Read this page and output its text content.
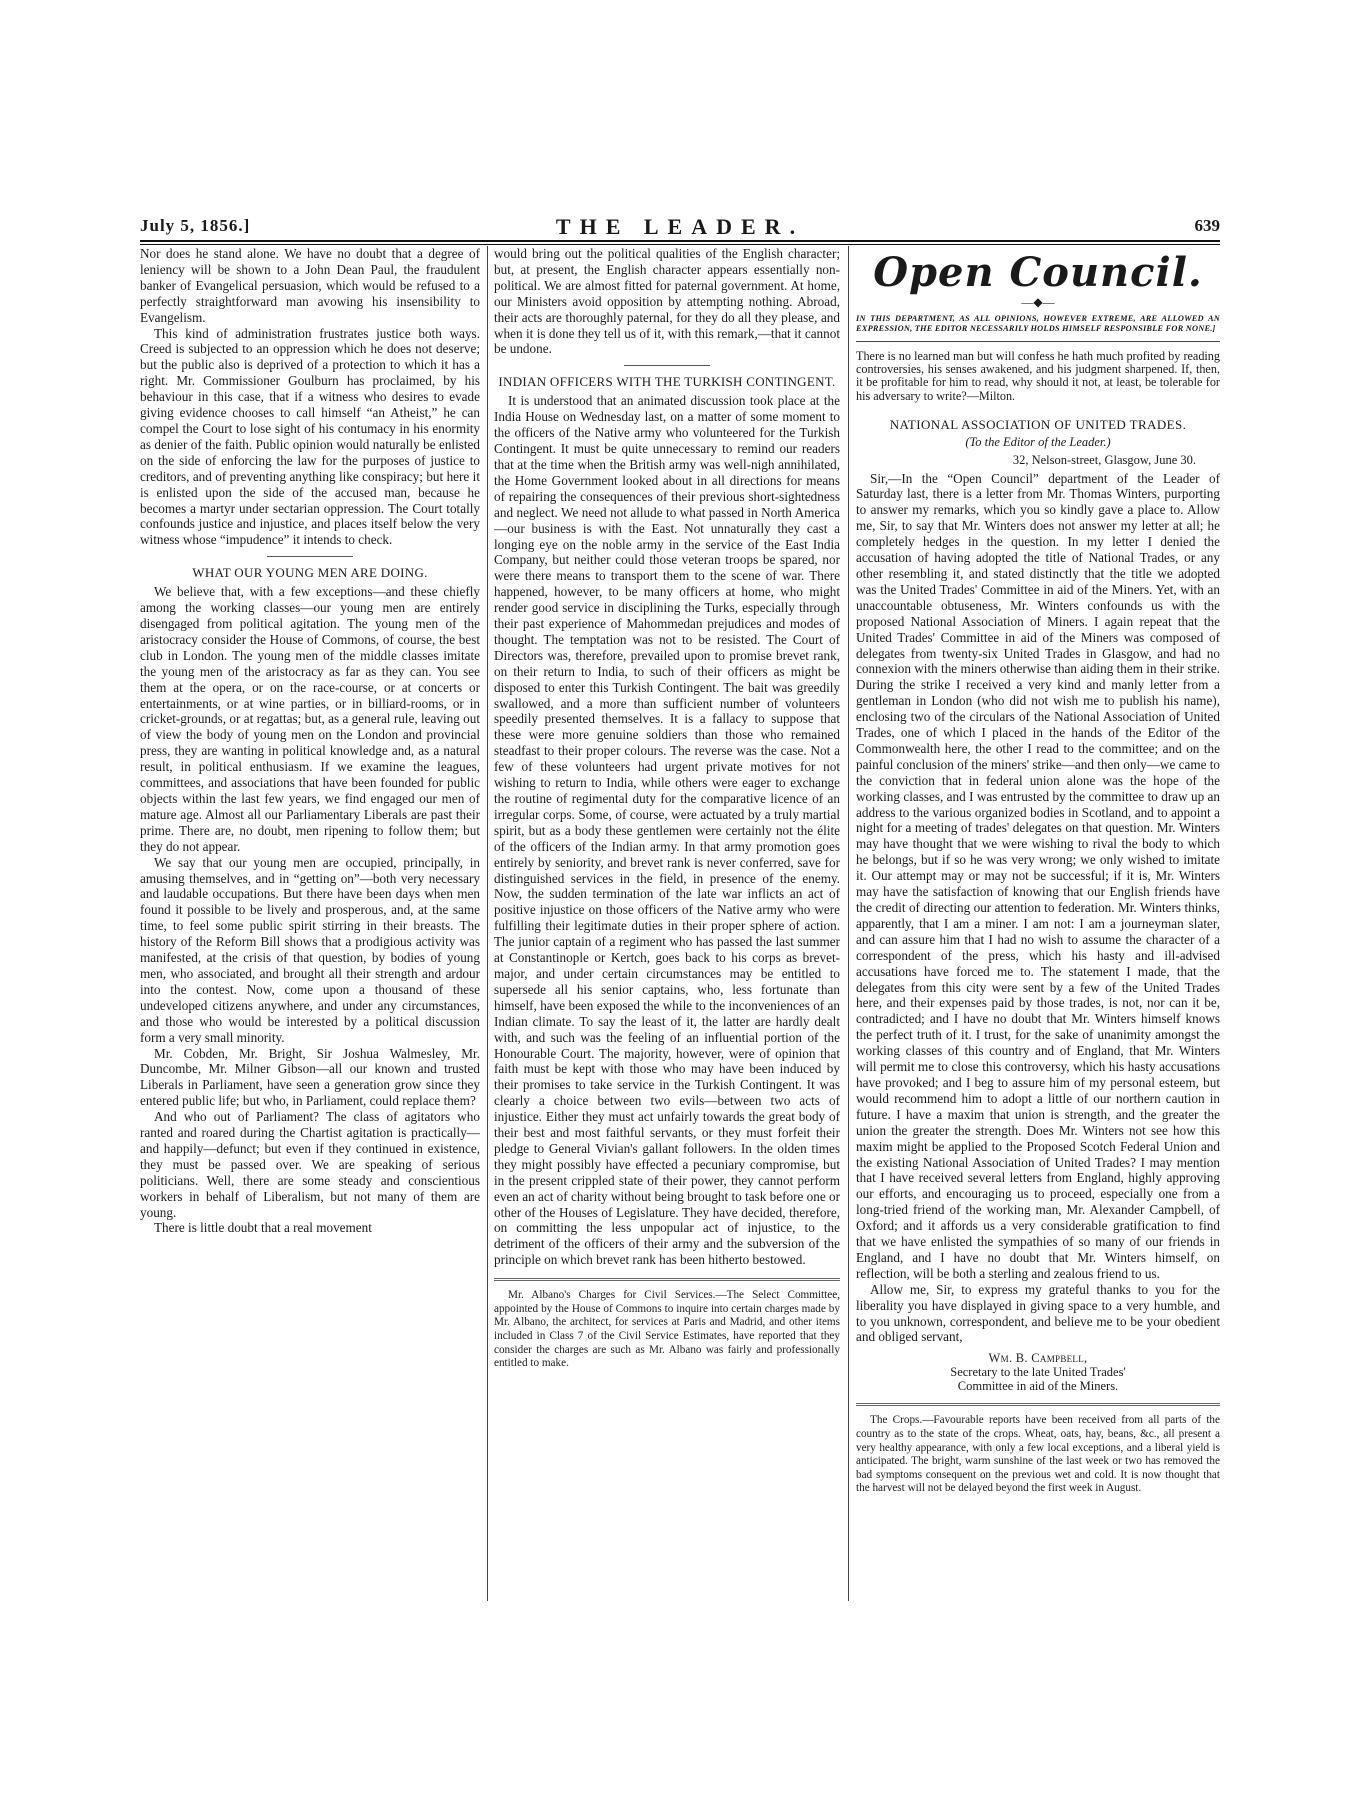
July 5, 1856.]	THE LEADER.	639

Nor does he stand alone. We have no doubt that a degree of leniency will be shown to a John Dean Paul, the fraudulent banker of Evangelical persuasion, which would be refused to a perfectly straightforward man avowing his insensibility to Evangelism.

This kind of administration frustrates justice both ways. Creed is subjected to an oppression which he does not deserve; but the public also is deprived of a protection to which it has a right. Mr. Commissioner Goulburn has proclaimed, by his behaviour in this case, that if a witness who desires to evade giving evidence chooses to call himself “an Atheist,” he can compel the Court to lose sight of his contumacy in his enormity as denier of the faith. Public opinion would naturally be enlisted on the side of enforcing the law for the purposes of justice to creditors, and of preventing anything like conspiracy; but here it is enlisted upon the side of the accused man, because he becomes a martyr under sectarian oppression. The Court totally confounds justice and injustice, and places itself below the very witness whose “impudence” it intends to check.

WHAT OUR YOUNG MEN ARE DOING.

We believe that, with a few exceptions—and these chiefly among the working classes—our young men are entirely disengaged from political agitation. The young men of the aristocracy consider the House of Commons, of course, the best club in London. The young men of the middle classes imitate the young men of the aristocracy as far as they can. You see them at the opera, or on the race-course, or at concerts or entertainments, or at wine parties, or in billiard-rooms, or in cricket-grounds, or at regattas; but, as a general rule, leaving out of view the body of young men on the London and provincial press, they are wanting in political knowledge and, as a natural result, in political enthusiasm. If we examine the leagues, committees, and associations that have been founded for public objects within the last few years, we find engaged our men of mature age. Almost all our Parliamentary Liberals are past their prime. There are, no doubt, men ripening to follow them; but they do not appear.

We say that our young men are occupied, principally, in amusing themselves, and in “getting on”—both very necessary and laudable occupations. But there have been days when men found it possible to be lively and prosperous, and, at the same time, to feel some public spirit stirring in their breasts. The history of the Reform Bill shows that a prodigious activity was manifested, at the crisis of that question, by bodies of young men, who associated, and brought all their strength and ardour into the contest. Now, come upon a thousand of these undeveloped citizens anywhere, and under any circumstances, and those who would be interested by a political discussion form a very small minority.

Mr. Cobden, Mr. Bright, Sir Joshua Walmesley, Mr. Duncombe, Mr. Milner Gibson—all our known and trusted Liberals in Parliament, have seen a generation grow since they entered public life; but who, in Parliament, could replace them?

And who out of Parliament? The class of agitators who ranted and roared during the Chartist agitation is practically—and happily—defunct; but even if they continued in existence, they must be passed over. We are speaking of serious politicians. Well, there are some steady and conscientious workers in behalf of Liberalism, but not many of them are young.

There is little doubt that a real movement

would bring out the political qualities of the English character; but, at present, the English character appears essentially non-political. We are almost fitted for paternal government. At home, our Ministers avoid opposition by attempting nothing. Abroad, their acts are thoroughly paternal, for they do all they please, and when it is done they tell us of it, with this remark,—that it cannot be undone.

INDIAN OFFICERS WITH THE TURKISH CONTINGENT.

It is understood that an animated discussion took place at the India House on Wednesday last, on a matter of some moment to the officers of the Native army who volunteered for the Turkish Contingent. It must be quite unnecessary to remind our readers that at the time when the British army was well-nigh annihilated, the Home Government looked about in all directions for means of repairing the consequences of their previous short-sightedness and neglect. We need not allude to what passed in North America—our business is with the East. Not unnaturally they cast a longing eye on the noble army in the service of the East India Company, but neither could those veteran troops be spared, nor were there means to transport them to the scene of war. There happened, however, to be many officers at home, who might render good service in disciplining the Turks, especially through their past experience of Mahommedan prejudices and modes of thought. The temptation was not to be resisted. The Court of Directors was, therefore, prevailed upon to promise brevet rank, on their return to India, to such of their officers as might be disposed to enter this Turkish Contingent. The bait was greedily swallowed, and a more than sufficient number of volunteers speedily presented themselves. It is a fallacy to suppose that these were more genuine soldiers than those who remained steadfast to their proper colours. The reverse was the case. Not a few of these volunteers had urgent private motives for not wishing to return to India, while others were eager to exchange the routine of regimental duty for the comparative licence of an irregular corps. Some, of course, were actuated by a truly martial spirit, but as a body these gentlemen were certainly not the élite of the officers of the Indian army. In that army promotion goes entirely by seniority, and brevet rank is never conferred, save for distinguished services in the field, in presence of the enemy. Now, the sudden termination of the late war inflicts an act of positive injustice on those officers of the Native army who were fulfilling their legitimate duties in their proper sphere of action. The junior captain of a regiment who has passed the last summer at Constantinople or Kertch, goes back to his corps as brevet-major, and under certain circumstances may be entitled to supersede all his senior captains, who, less fortunate than himself, have been exposed the while to the inconveniences of an Indian climate. To say the least of it, the latter are hardly dealt with, and such was the feeling of an influential portion of the Honourable Court. The majority, however, were of opinion that faith must be kept with those who may have been induced by their promises to take service in the Turkish Contingent. It was clearly a choice between two evils—between two acts of injustice. Either they must act unfairly towards the great body of their best and most faithful servants, or they must forfeit their pledge to General Vivian's gallant followers. In the olden times they might possibly have effected a pecuniary compromise, but in the present crippled state of their power, they cannot perform even an act of charity without being brought to task before one or other of the Houses of Legislature. They have decided, therefore, on committing the less unpopular act of injustice, to the detriment of the officers of their army and the subversion of the principle on which brevet rank has been hitherto bestowed.

Mr. Albano's Charges for Civil Services.—The Select Committee, appointed by the House of Commons to inquire into certain charges made by Mr. Albano, the architect, for services at Paris and Madrid, and other items included in Class 7 of the Civil Service Estimates, have reported that they consider the charges are such as Mr. Albano was fairly and professionally entitled to make.

Open Council.
—◆—
IN THIS DEPARTMENT, AS ALL OPINIONS, HOWEVER EXTREME, ARE ALLOWED AN EXPRESSION, THE EDITOR NECESSARILY HOLDS HIMSELF RESPONSIBLE FOR NONE.]
There is no learned man but will confess he hath much profited by reading controversies, his senses awakened, and his judgment sharpened. If, then, it be profitable for him to read, why should it not, at least, be tolerable for his adversary to write?—Milton.
NATIONAL ASSOCIATION OF UNITED TRADES.
(To the Editor of the Leader.)
32, Nelson-street, Glasgow, June 30.

Sir,—In the “Open Council” department of the Leader of Saturday last, there is a letter from Mr. Thomas Winters, purporting to answer my remarks, which you so kindly gave a place to. Allow me, Sir, to say that Mr. Winters does not answer my letter at all; he completely hedges in the question. In my letter I denied the accusation of having adopted the title of National Trades, or any other resembling it, and stated distinctly that the title we adopted was the United Trades' Committee in aid of the Miners. Yet, with an unaccountable obtuseness, Mr. Winters confounds us with the proposed National Association of Miners. I again repeat that the United Trades' Committee in aid of the Miners was composed of delegates from twenty-six United Trades in Glasgow, and had no connexion with the miners otherwise than aiding them in their strike. During the strike I received a very kind and manly letter from a gentleman in London (who did not wish me to publish his name), enclosing two of the circulars of the National Association of United Trades, one of which I placed in the hands of the Editor of the Commonwealth here, the other I read to the committee; and on the painful conclusion of the miners' strike—and then only—we came to the conviction that in federal union alone was the hope of the working classes, and I was entrusted by the committee to draw up an address to the various organized bodies in Scotland, and to appoint a night for a meeting of trades' delegates on that question. Mr. Winters may have thought that we were wishing to rival the body to which he belongs, but if so he was very wrong; we only wished to imitate it. Our attempt may or may not be successful; if it is, Mr. Winters may have the satisfaction of knowing that our English friends have the credit of directing our attention to federation. Mr. Winters thinks, apparently, that I am a miner. I am not: I am a journeyman slater, and can assure him that I had no wish to assume the character of a correspondent of the press, which his hasty and ill-advised accusations have forced me to. The statement I made, that the delegates from this city were sent by a few of the United Trades here, and their expenses paid by those trades, is not, nor can it be, contradicted; and I have no doubt that Mr. Winters himself knows the perfect truth of it. I trust, for the sake of unanimity amongst the working classes of this country and of England, that Mr. Winters will permit me to close this controversy, which his hasty accusations have provoked; and I beg to assure him of my personal esteem, but would recommend him to adopt a little of our northern caution in future. I have a maxim that union is strength, and the greater the union the greater the strength. Does Mr. Winters not see how this maxim might be applied to the Proposed Scotch Federal Union and the existing National Association of United Trades? I may mention that I have received several letters from England, highly approving our efforts, and encouraging us to proceed, especially one from a long-tried friend of the working man, Mr. Alexander Campbell, of Oxford; and it affords us a very considerable gratification to find that we have enlisted the sympathies of so many of our friends in England, and I have no doubt that Mr. Winters himself, on reflection, will be both a sterling and zealous friend to us.

Allow me, Sir, to express my grateful thanks to you for the liberality you have displayed in giving space to a very humble, and to you unknown, correspondent, and believe me to be your obedient and obliged servant,

Wm. B. Campbell,
Secretary to the late United Trades'
Committee in aid of the Miners.

The Crops.—Favourable reports have been received from all parts of the country as to the state of the crops. Wheat, oats, hay, beans, &c., all present a very healthy appearance, with only a few local exceptions, and a liberal yield is anticipated. The bright, warm sunshine of the last week or two has removed the bad symptoms consequent on the previous wet and cold. It is now thought that the harvest will not be delayed beyond the first week in August.
